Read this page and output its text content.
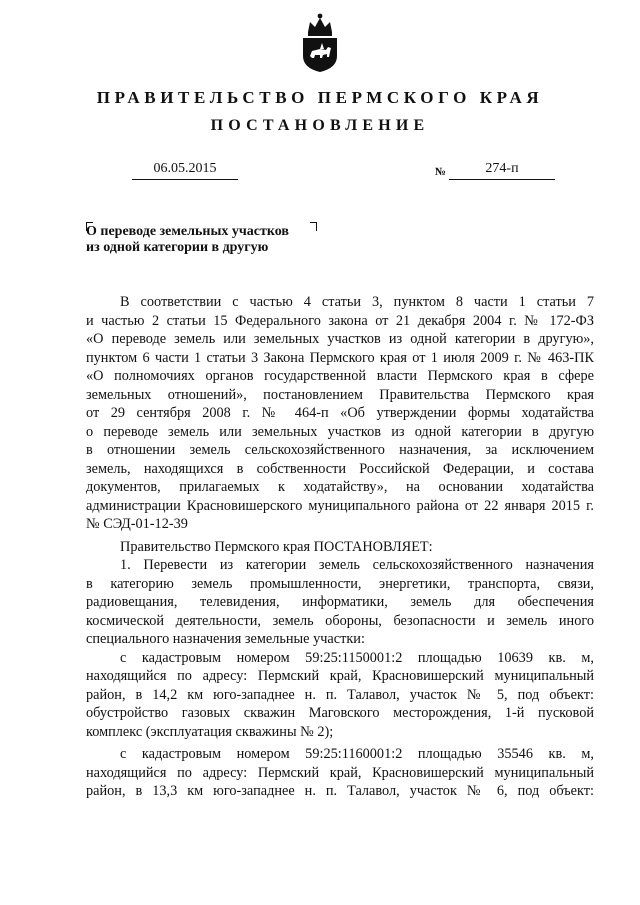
ПРАВИТЕЛЬСТВО ПЕРМСКОГО КРАЯ
ПОСТАНОВЛЕНИЕ
06.05.2015	№	274-п
О переводе земельных участков
из одной категории в другую

В соответствии с частью 4 статьи 3, пунктом 8 части 1 статьи 7

и частью 2 статьи 15 Федерального закона от 21 декабря 2004 г. № 172-ФЗ

«О переводе земель или земельных участков из одной категории в другую»,

пунктом 6 части 1 статьи 3 Закона Пермского края от 1 июля 2009 г. № 463-ПК

«О полномочиях органов государственной власти Пермского края в сфере

земельных отношений», постановлением Правительства Пермского края

от 29 сентября 2008 г. № 464-п «Об утверждении формы ходатайства

о переводе земель или земельных участков из одной категории в другую

в отношении земель сельскохозяйственного назначения, за исключением

земель, находящихся в собственности Российской Федерации, и состава

документов, прилагаемых к ходатайству», на основании ходатайства

администрации Красновишерского муниципального района от 22 января 2015 г.

№ СЭД-01-12-39

Правительство Пермского края ПОСТАНОВЛЯЕТ:

1. Перевести из категории земель сельскохозяйственного назначения

в категорию земель промышленности, энергетики, транспорта, связи,

радиовещания, телевидения, информатики, земель для обеспечения

космической деятельности, земель обороны, безопасности и земель иного

специального назначения земельные участки:

с кадастровым номером 59:25:1150001:2 площадью 10639 кв. м,

находящийся по адресу: Пермский край, Красновишерский муниципальный

район, в 14,2 км юго-западнее н. п. Талавол, участок № 5, под объект:

обустройство газовых скважин Маговского месторождения, 1-й пусковой

комплекс (эксплуатация скважины № 2);

с кадастровым номером 59:25:1160001:2 площадью 35546 кв. м,

находящийся по адресу: Пермский край, Красновишерский муниципальный

район, в 13,3 км юго-западнее н. п. Талавол, участок № 6, под объект:
